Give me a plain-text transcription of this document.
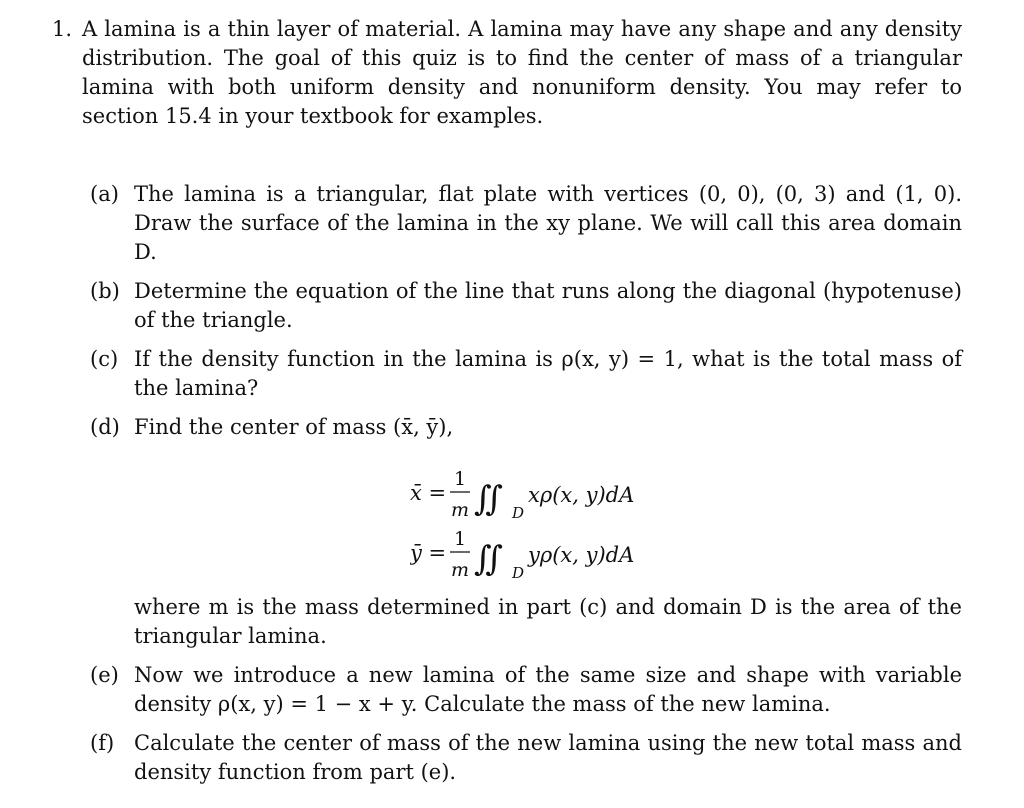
1. A lamina is a thin layer of material. A lamina may have any shape and any density distribution. The goal of this quiz is to find the center of mass of a triangular lamina with both uniform density and nonuniform density. You may refer to section 15.4 in your textbook for examples.
(a) The lamina is a triangular, flat plate with vertices (0, 0), (0, 3) and (1, 0). Draw the surface of the lamina in the xy plane. We will call this area domain D.
(b) Determine the equation of the line that runs along the diagonal (hypotenuse) of the triangle.
(c) If the density function in the lamina is ρ(x, y) = 1, what is the total mass of the lamina?
(d) Find the center of mass (x̄, ȳ),
x̄ =
1
m ∬ D
xρ(x, y)dA
ȳ =
1
m ∬ D
yρ(x, y)dA
where m is the mass determined in part (c) and domain D is the area of the triangular lamina.
(e) Now we introduce a new lamina of the same size and shape with variable density ρ(x, y) = 1 − x + y. Calculate the mass of the new lamina.
(f) Calculate the center of mass of the new lamina using the new total mass and density function from part (e).
